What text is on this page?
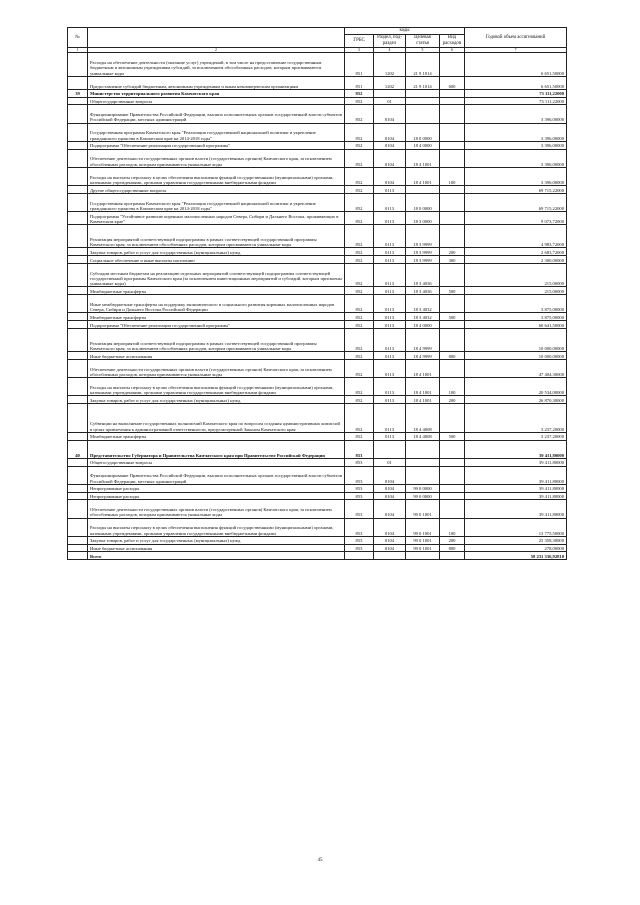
№		коды				Годовой объем ассигнований
		ГРБС	Раздел, под-раздел	Целевая статья	Вид расходов	
1	2	3	4	5	6	7
	Расходы на обеспечение деятельности (оказание услуг) учреждений, в том числе на предоставление государственным бюджетным и автономным учреждениям субсидий, за исключением обособленных расходов, которым присваиваются уникальные коды	851	1202	21 9 1014		6 651,50000
	Предоставление субсидий бюджетным, автономным учреждениям и иным некоммерческим организациям	851	1202	21 9 1014	600	6 651,50000
39	Министерство территориального развития Камчатского края	852				73 111,22000
	Общегосударственные вопросы	852	01			73 111,22000
	Функционирование Правительства Российской Федерации, высших исполнительных органов государственной власти субъектов Российской Федерации, местных администраций	852	0104			3 396,00000
	Государственная программа Камчатского края "Реализация государственной национальной политики и укрепление гражданского единства в Камчатском крае на 2014-2018 годы"	852	0104	18 0 0000		3 396,00000
	Подпрограмма "Обеспечение реализации государственной программы"	852	0104	18 4 0000		3 396,00000
	Обеспечение деятельности государственных органов власти (государственных органов) Камчатского края, за исключением обособленных расходов, которым присваиваются уникальные коды	852	0104	18 4 1001		3 396,00000
	Расходы на выплаты персоналу в целях обеспечения выполнения функций государственными (муниципальными) органами, казенными учреждениями, органами управления государственными внебюджетными фондами	852	0104	18 4 1001	100	3 396,00000
	Другие общегосударственные вопросы	852	0113			69 715,22000
	Государственная программа Камчатского края "Реализация государственной национальной политики и укрепление гражданского единства в Камчатском крае на 2014-2018 годы"	852	0113	18 0 0000		69 715,22000
	Подпрограмма "Устойчивое развитие коренных малочисленных народов Севера, Сибири и Дальнего Востока, проживающих в Камчатском крае"	852	0113	18 3 0000		9 073,72000
	Реализация мероприятий соответствующей подпрограммы в рамках соответствующей государственной программы Камчатского края, за исключением обособленных расходов, которым присваиваются уникальные коды	852	0113	18 3 9999		4 983,72000
	Закупка товаров, работ и услуг для государственных (муниципальных) нужд	852	0113	18 3 9999	200	2 683,72000
	Социальное обеспечение и иные выплаты населению	852	0113	18 3 9999	300	2 300,00000
	Субсидии местным бюджетам на реализацию отдельных мероприятий соответствующей подпрограммы соответствующей государственной программы Камчатского края (за исключением инвестиционных мероприятий и субсидий, которым присвоены уникальные коды)	852	0113	18 3 4036		215,00000
	Межбюджетные трансферты	852	0113	18 3 4036	500	215,00000
	Иные межбюджетные трансферты на поддержку экономического и социального развития коренных малочисленных народов Севера, Сибири и Дальнего Востока Российской Федерации	852	0113	18 3 4032		3 875,00000
	Межбюджетные трансферты	852	0113	18 3 4032	500	3 875,00000
	Подпрограмма "Обеспечение реализации государственной программы"	852	0113	18 4 0000		60 641,50000
	Реализация мероприятий соответствующей подпрограммы в рамках соответствующей государственной программы Камчатского края, за исключением обособленных расходов, которым присваиваются уникальные коды	852	0113	18 4 9999		10 000,00000
	Иные бюджетные ассигнования	852	0113	18 4 9999	800	10 000,00000
	Обеспечение деятельности государственных органов власти (государственных органов) Камчатского края, за исключением обособленных расходов, которым присваиваются уникальные коды	852	0113	18 4 1001		47 404,30000
	Расходы на выплаты персоналу в целях обеспечения выполнения функций государственными (муниципальными) органами, казенными учреждениями, органами управления государственными внебюджетными фондами	852	0113	18 4 1001	100	20 534,00000
	Закупка товаров, работ и услуг для государственных (муниципальных) нужд	852	0113	18 4 1001	200	26 870,30000
	Субвенции на выполнение государственных полномочий Камчатского края по вопросам создания административных комиссий в целях привлечения к административной ответственности, предусмотренной Законом Камчатского края	852	0113	18 4 4008		3 237,20000
	Межбюджетные трансферты	852	0113	18 4 4008	500	3 237,20000
40	Представительство Губернатора и Правительства Камчатского края при Правительстве Российской Федерации	853				39 411,80000
	Общегосударственные вопросы	853	01			39 411,80000
	Функционирование Правительства Российской Федерации, высших исполнительных органов государственной власти субъектов Российской Федерации, местных администраций	853	0104			39 411,80000
	Непрограммные расходы	853	0104	99 0 0000		39 411,80000
	Непрограммные расходы	853	0104	99 0 0000		39 411,80000
	Обеспечение деятельности государственных органов власти (государственных органов) Камчатского края, за исключением обособленных расходов, которым присваиваются уникальные коды	853	0104	99 0 1001		39 411,80000
	Расходы на выплаты персоналу в целях обеспечения выполнения функций государственными (муниципальными) органами, казенными учреждениями, органами управления государственными внебюджетными фондами	853	0104	99 0 1001	100	13 775,50000
	Закупка товаров, работ и услуг для государственных (муниципальных) нужд	853	0104	99 0 1001	200	25 358,30000
	Иные бюджетные ассигнования	853	0104	99 0 1001	800	278,00000
	Всего					58 231 336,92810
45
